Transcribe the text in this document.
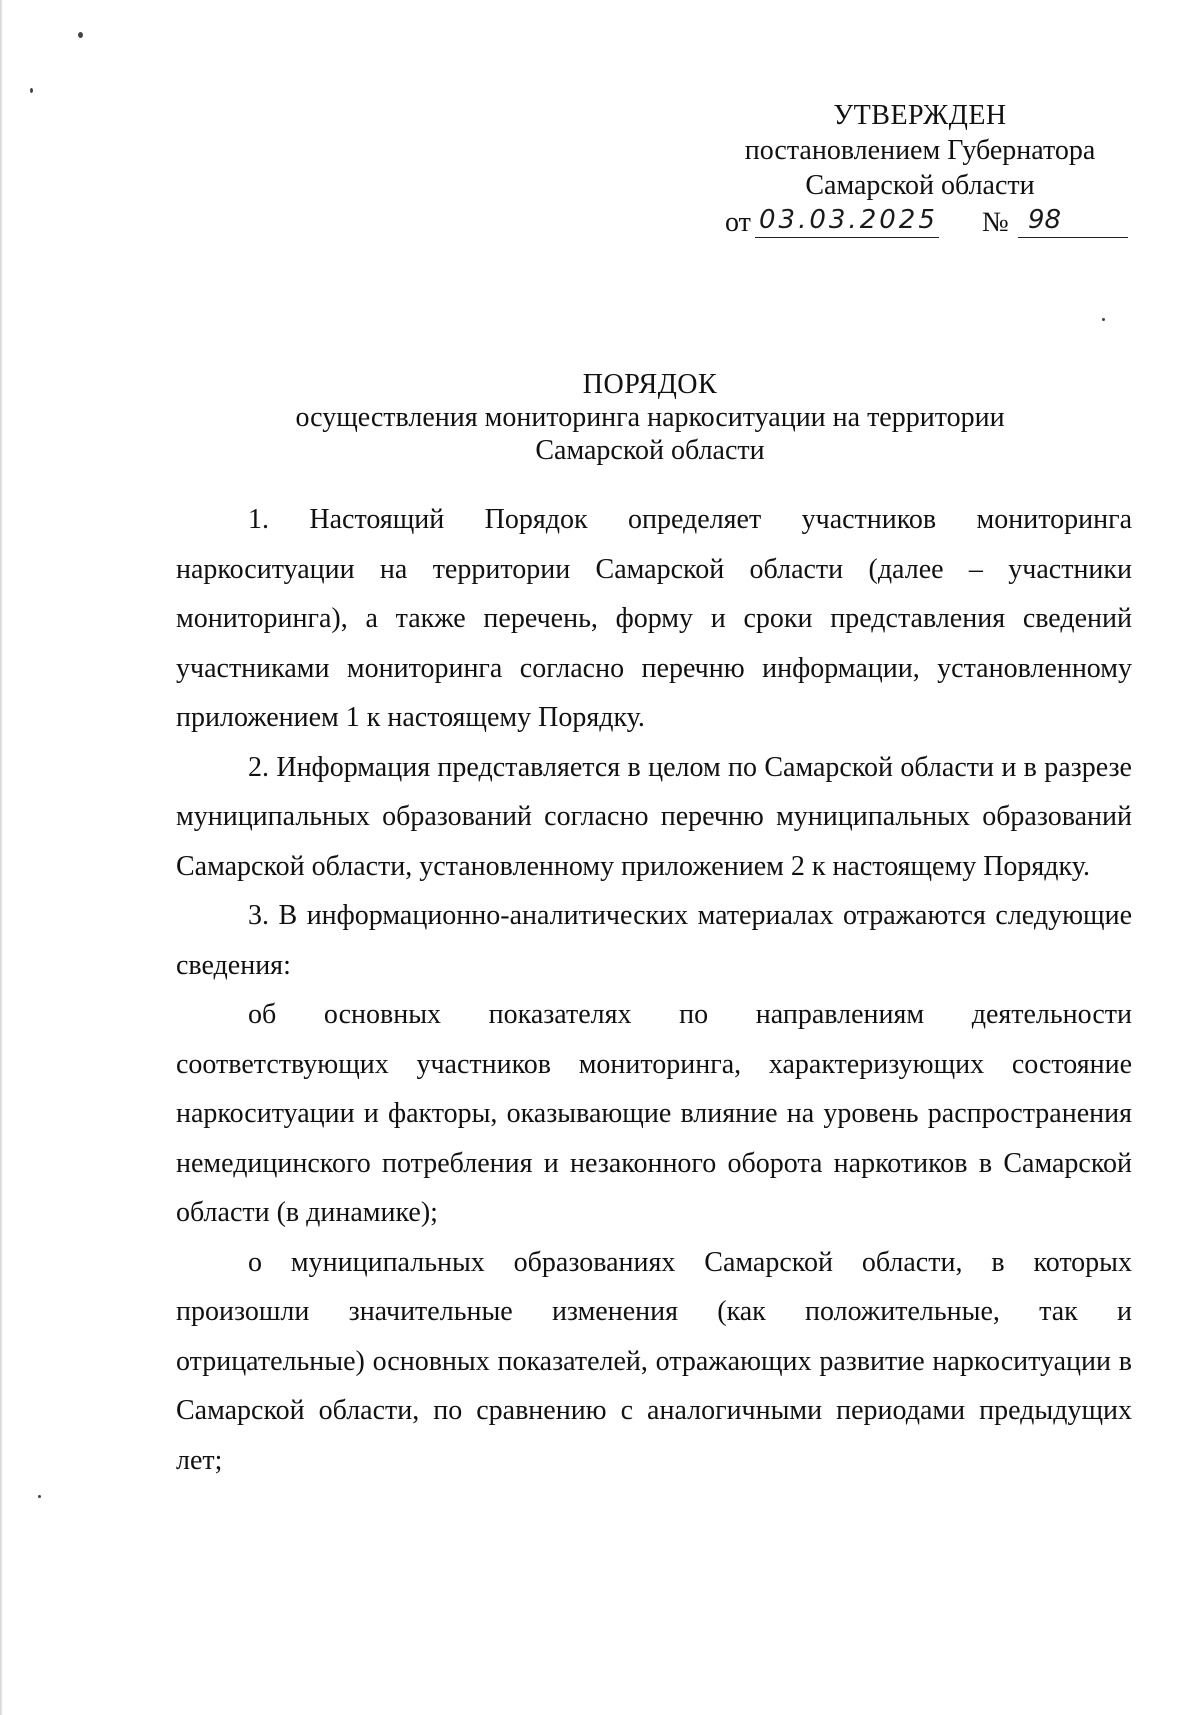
УТВЕРЖДЕН
постановлением Губернатора
Самарской области
от 03.03.2025 № 98
ПОРЯДОК
осуществления мониторинга наркоситуации на территории
Самарской области

1. Настоящий Порядок определяет участников мониторинга наркоситуации на территории Самарской области (далее – участники мониторинга), а также перечень, форму и сроки представления сведений участниками мониторинга согласно перечню информации, установленному приложением 1 к настоящему Порядку.

2. Информация представляется в целом по Самарской области и в разрезе муниципальных образований согласно перечню муниципальных образований Самарской области, установленному приложением 2 к настоящему Порядку.

3. В информационно-аналитических материалах отражаются следующие сведения:

об основных показателях по направлениям деятельности соответствующих участников мониторинга, характеризующих состояние наркоситуации и факторы, оказывающие влияние на уровень распространения немедицинского потребления и незаконного оборота наркотиков в Самарской области (в динамике);

о муниципальных образованиях Самарской области, в которых произошли значительные изменения (как положительные, так и отрицательные) основных показателей, отражающих развитие наркоситуации в Самарской области, по сравнению с аналогичными периодами предыдущих лет;
